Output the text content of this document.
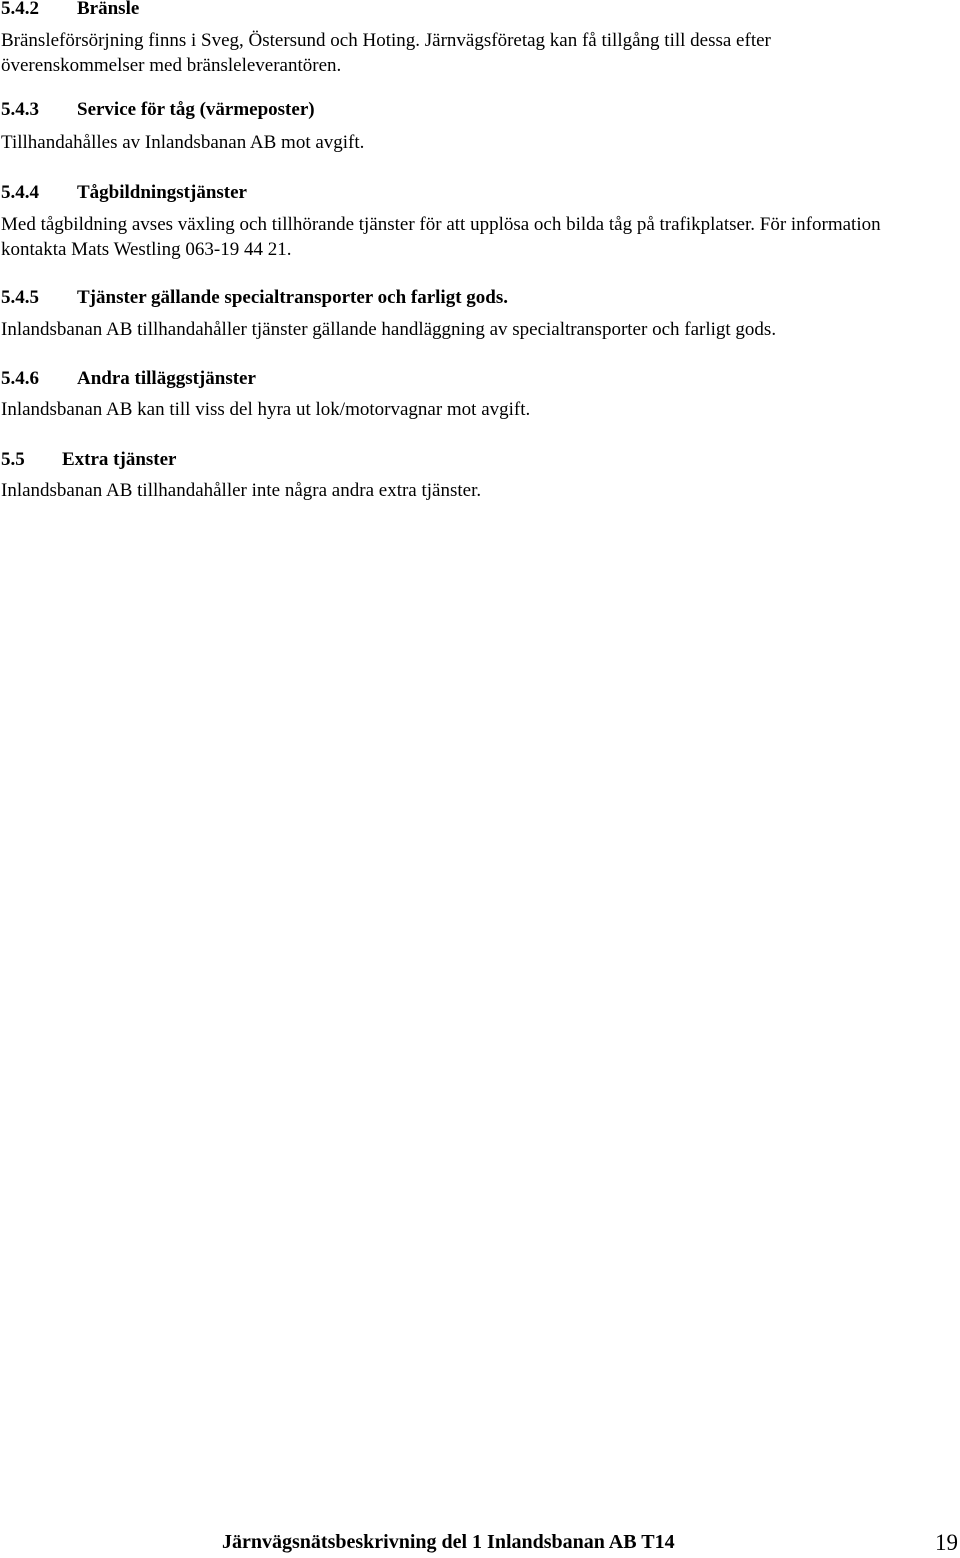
5.4.2 Bränsle
Bränsleförsörjning finns i Sveg, Östersund och Hoting. Järnvägsföretag kan få tillgång till dessa efter överenskommelser med bränsleleverantören.
5.4.3 Service för tåg (värmeposter)
Tillhandahålles av Inlandsbanan AB mot avgift.
5.4.4 Tågbildningstjänster
Med tågbildning avses växling och tillhörande tjänster för att upplösa och bilda tåg på trafikplatser. För information kontakta Mats Westling 063-19 44 21.
5.4.5 Tjänster gällande specialtransporter och farligt gods.
Inlandsbanan AB tillhandahåller tjänster gällande handläggning av specialtransporter och farligt gods.
5.4.6 Andra tilläggstjänster
Inlandsbanan AB kan till viss del hyra ut lok/motorvagnar mot avgift.
5.5 Extra tjänster
Inlandsbanan AB tillhandahåller inte några andra extra tjänster.
Järnvägsnätsbeskrivning del 1 Inlandsbanan AB T14	19
